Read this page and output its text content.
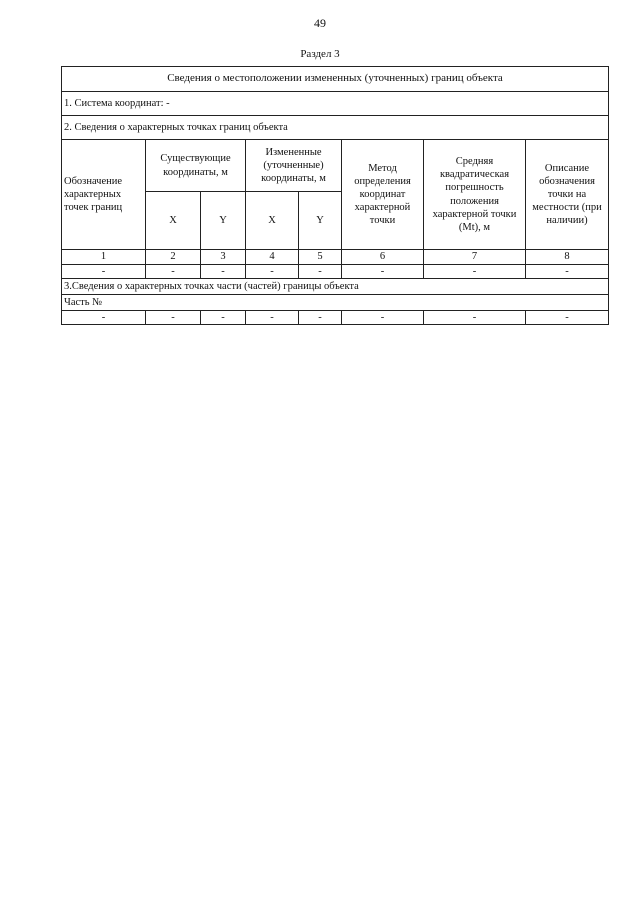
49
Раздел 3
Сведения о местоположении измененных (уточненных) границ объекта							
1. Система координат: -							
2. Сведения о характерных точках границ объекта							
Обозначение характерных точек границ	Существующие координаты, м		Измененные (уточненные) координаты, м		Метод определения координат характерной точки	Средняя квадратическая погрешность положения характерной точки (Mt), м	Описание обозначения точки на местности (при наличии)
	X	Y	X	Y			
1	2	3	4	5	6	7	8
-	-	-	-	-	-	-	-
3.Сведения о характерных точках части (частей) границы объекта							
Часть №							
-	-	-	-	-	-	-	-
